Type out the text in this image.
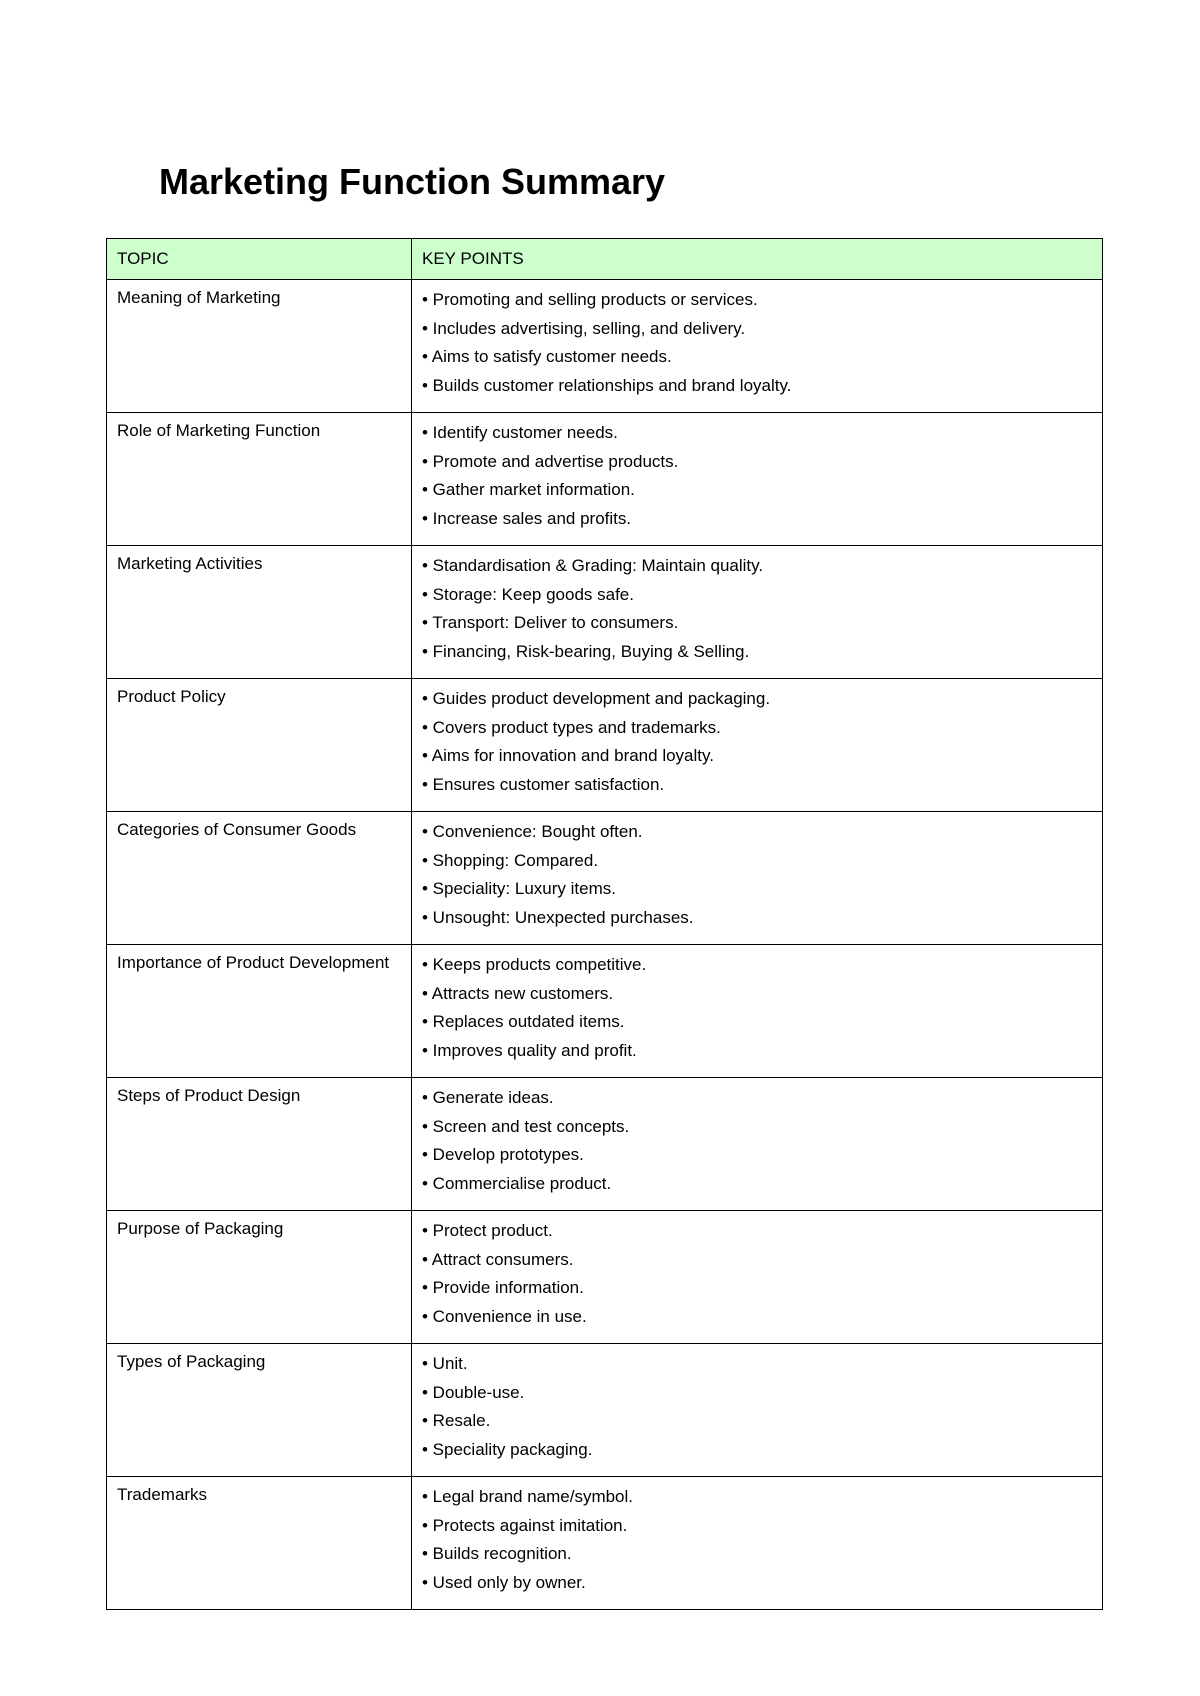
Marketing Function Summary
TOPIC	KEY POINTS
Meaning of Marketing	• Promoting and selling products or services.
• Includes advertising, selling, and delivery.
• Aims to satisfy customer needs.
• Builds customer relationships and brand loyalty.

Role of Marketing Function	• Identify customer needs.
• Promote and advertise products.
• Gather market information.
• Increase sales and profits.

Marketing Activities	• Standardisation & Grading: Maintain quality.
• Storage: Keep goods safe.
• Transport: Deliver to consumers.
• Financing, Risk-bearing, Buying & Selling.

Product Policy	• Guides product development and packaging.
• Covers product types and trademarks.
• Aims for innovation and brand loyalty.
• Ensures customer satisfaction.

Categories of Consumer Goods	• Convenience: Bought often.
• Shopping: Compared.
• Speciality: Luxury items.
• Unsought: Unexpected purchases.

Importance of Product Development	• Keeps products competitive.
• Attracts new customers.
• Replaces outdated items.
• Improves quality and profit.

Steps of Product Design	• Generate ideas.
• Screen and test concepts.
• Develop prototypes.
• Commercialise product.

Purpose of Packaging	• Protect product.
• Attract consumers.
• Provide information.
• Convenience in use.

Types of Packaging	• Unit.
• Double-use.
• Resale.
• Speciality packaging.

Trademarks	• Legal brand name/symbol.
• Protects against imitation.
• Builds recognition.
• Used only by owner.
